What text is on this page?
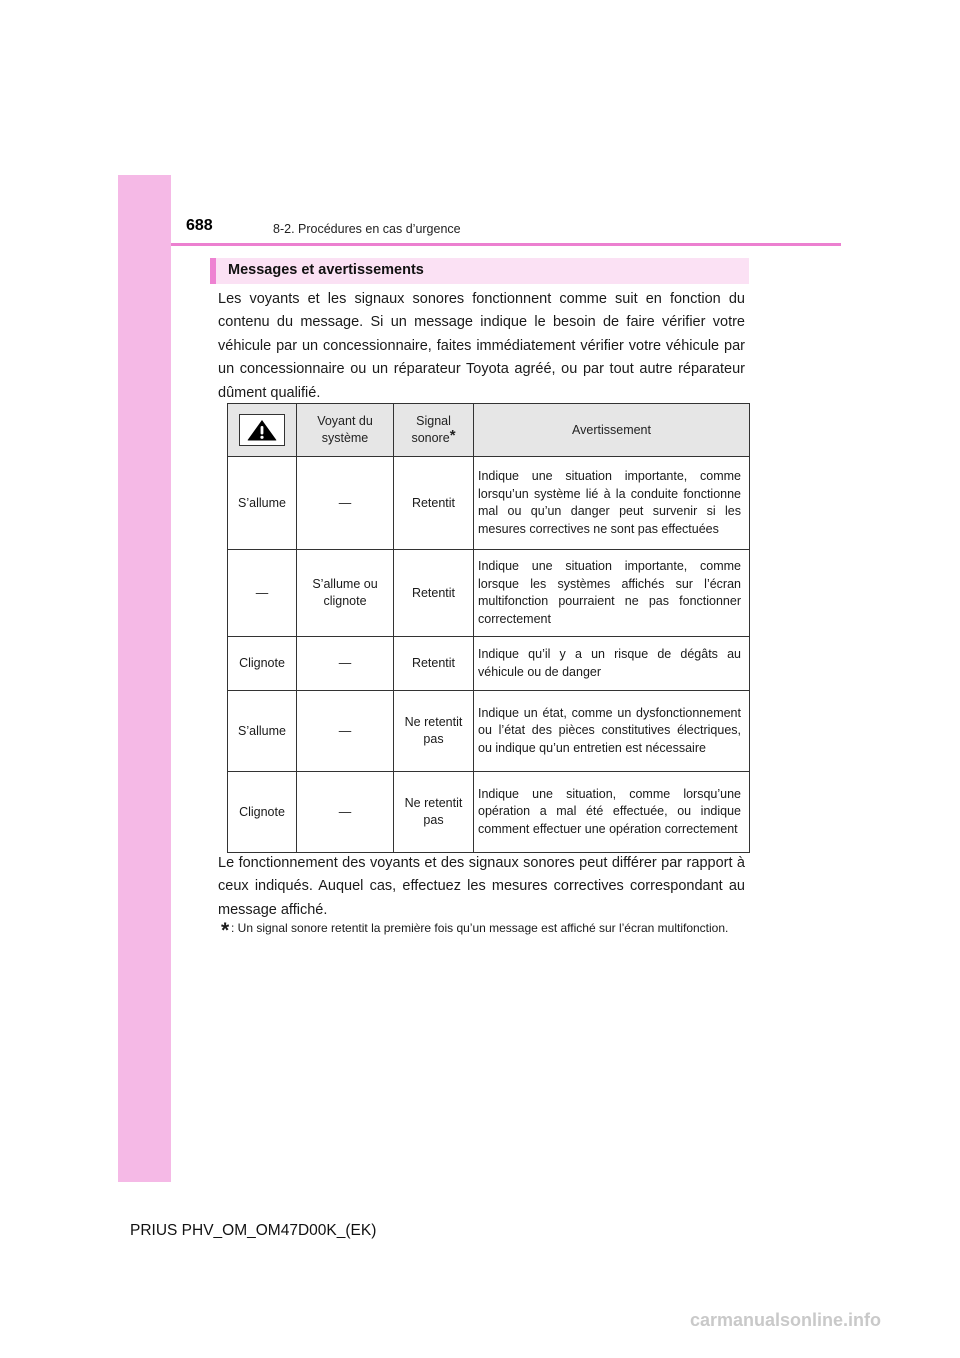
688	8-2. Procédures en cas d’urgence
Messages et avertissements

Les voyants et les signaux sonores fonctionnent comme suit en fonction du contenu du message. Si un message indique le besoin de faire vérifier votre véhicule par un concessionnaire, faites immédiatement vérifier votre véhicule par un concessionnaire ou un réparateur Toyota agréé, ou par tout autre réparateur dûment qualifié.

	Voyant du système	Signal sonore*	Avertissement
S’allume	—	Retentit	Indique une situation importante, comme lorsqu’un système lié à la conduite fonctionne mal ou qu’un danger peut survenir si les mesures correctives ne sont pas effectuées
—	S’allume ou clignote	Retentit	Indique une situation importante, comme lorsque les systèmes affichés sur l’écran multifonction pourraient ne pas fonctionner correctement
Clignote	—	Retentit	Indique qu’il y a un risque de dégâts au véhicule ou de danger
S’allume	—	Ne retentit pas	Indique un état, comme un dysfonctionnement ou l’état des pièces constitutives électriques, ou indique qu’un entretien est nécessaire
Clignote	—	Ne retentit pas	Indique une situation, comme lorsqu’une opération a mal été effectuée, ou indique comment effectuer une opération correctement

Le fonctionnement des voyants et des signaux sonores peut différer par rapport à ceux indiqués. Auquel cas, effectuez les mesures correctives correspondant au message affiché.

* : Un signal sonore retentit la première fois qu’un message est affiché sur l’écran multifonction.
PRIUS PHV_OM_OM47D00K_(EK)
carmanualsonline.info
